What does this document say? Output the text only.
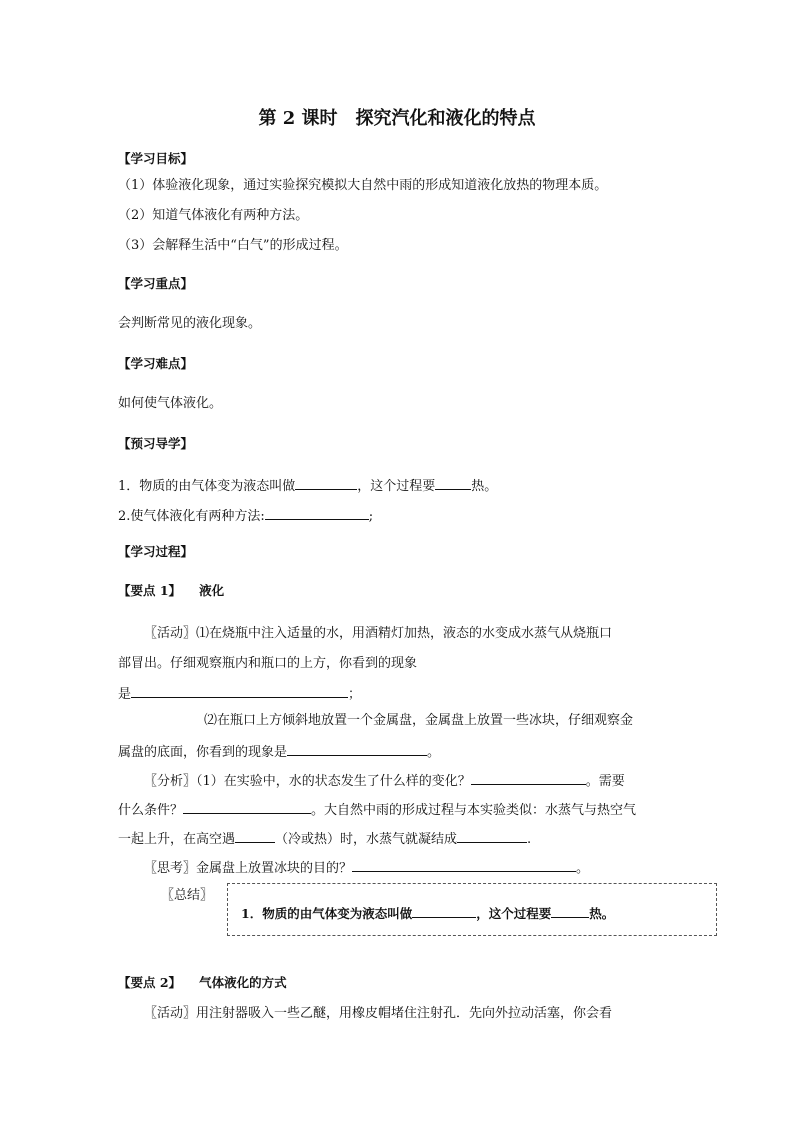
第 2 课时　探究汽化和液化的特点
【学习目标】
（1）体验液化现象，通过实验探究模拟大自然中雨的形成知道液化放热的物理本质。
（2）知道气体液化有两种方法。
（3）会解释生活中“白气”的形成过程。
【学习重点】
会判断常见的液化现象。
【学习难点】
如何使气体液化。
【预习导学】
1．物质的由气体变为液态叫做	，这个过程要	热。
2.使气体液化有两种方法:	;
【学习过程】
【要点 1】 液化
〖活动〗⑴在烧瓶中注入适量的水，用酒精灯加热，液态的水变成水蒸气从烧瓶口
部冒出。仔细观察瓶内和瓶口的上方，你看到的现象
是	；
⑵在瓶口上方倾斜地放置一个金属盘，金属盘上放置一些冰块，仔细观察金
属盘的底面，你看到的现象是	。
〖分析〗（1）在实验中，水的状态发生了什么样的变化？	。需要
什么条件？	。大自然中雨的形成过程与本实验类似：水蒸气与热空气
一起上升，在高空遇	（冷或热）时，水蒸气就凝结成	.
〖思考〗金属盘上放置冰块的目的？	。
〖总结〗
1．物质的由气体变为液态叫做	，这个过程要	热。
【要点 2】 气体液化的方式
〖活动〗用注射器吸入一些乙醚，用橡皮帽堵住注射孔．先向外拉动活塞，你会看
